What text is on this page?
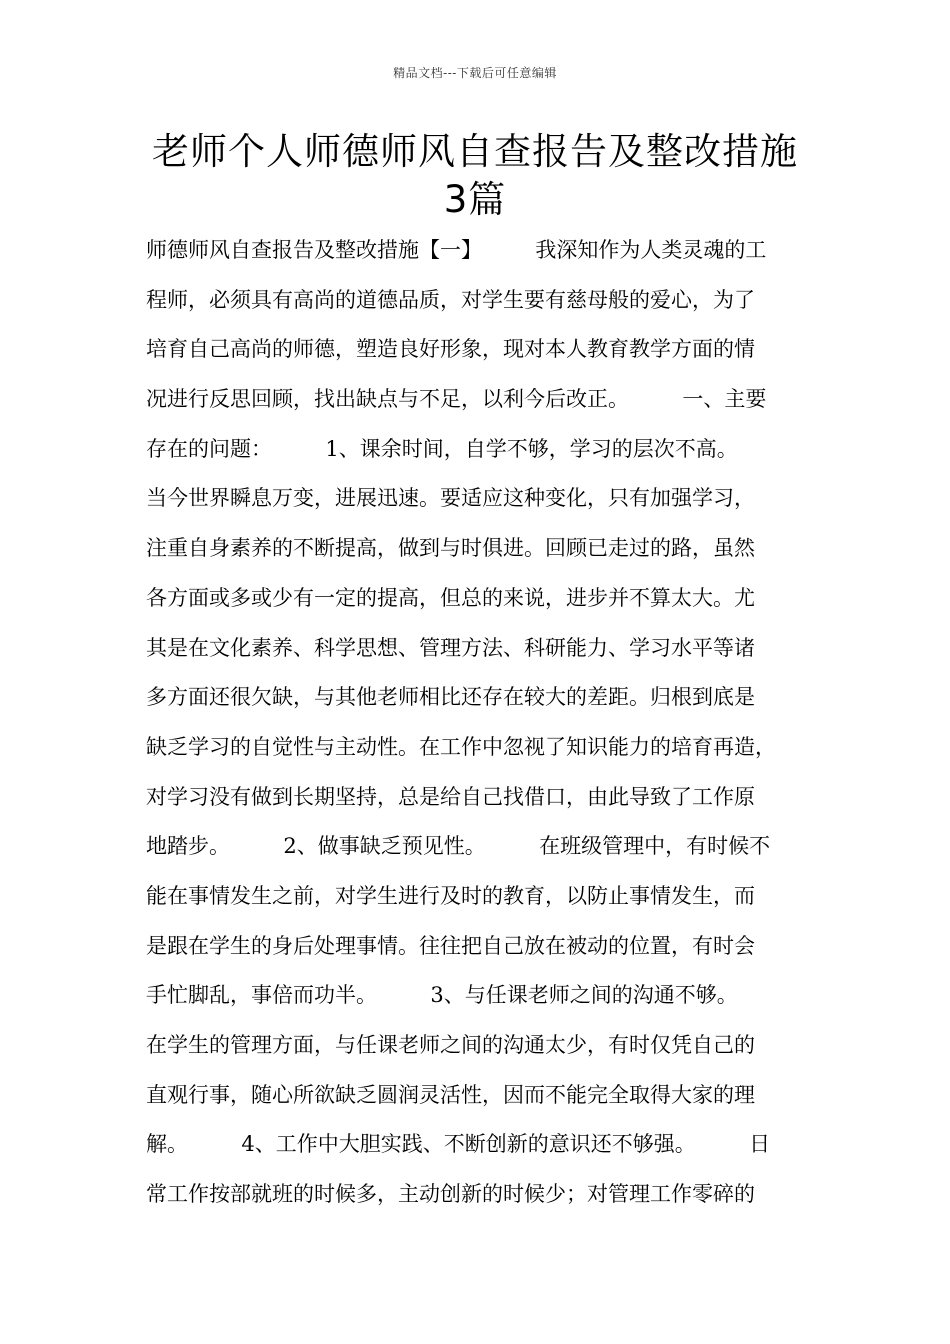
精品文档---下载后可任意编辑
老师个人师德师风自查报告及整改措施
3篇
师德师风自查报告及整改措施【一】        我深知作为人类灵魂的工
程师，必须具有高尚的道德品质，对学生要有慈母般的爱心，为了
培育自己高尚的师德，塑造良好形象，现对本人教育教学方面的情
况进行反思回顾，找出缺点与不足，以利今后改正。        一、主要
存在的问题：        1、课余时间，自学不够，学习的层次不高。
当今世界瞬息万变，进展迅速。要适应这种变化，只有加强学习，
注重自身素养的不断提高，做到与时俱进。回顾已走过的路，虽然
各方面或多或少有一定的提高，但总的来说，进步并不算太大。尤
其是在文化素养、科学思想、管理方法、科研能力、学习水平等诸
多方面还很欠缺，与其他老师相比还存在较大的差距。归根到底是
缺乏学习的自觉性与主动性。在工作中忽视了知识能力的培育再造，
对学习没有做到长期坚持，总是给自己找借口，由此导致了工作原
地踏步。        2、做事缺乏预见性。        在班级管理中，有时候不
能在事情发生之前，对学生进行及时的教育，以防止事情发生，而
是跟在学生的身后处理事情。往往把自己放在被动的位置，有时会
手忙脚乱，事倍而功半。        3、与任课老师之间的沟通不够。
在学生的管理方面，与任课老师之间的沟通太少，有时仅凭自己的
直观行事，随心所欲缺乏圆润灵活性，因而不能完全取得大家的理
解。        4、工作中大胆实践、不断创新的意识还不够强。        日
常工作按部就班的时候多，主动创新的时候少；对管理工作零碎的
